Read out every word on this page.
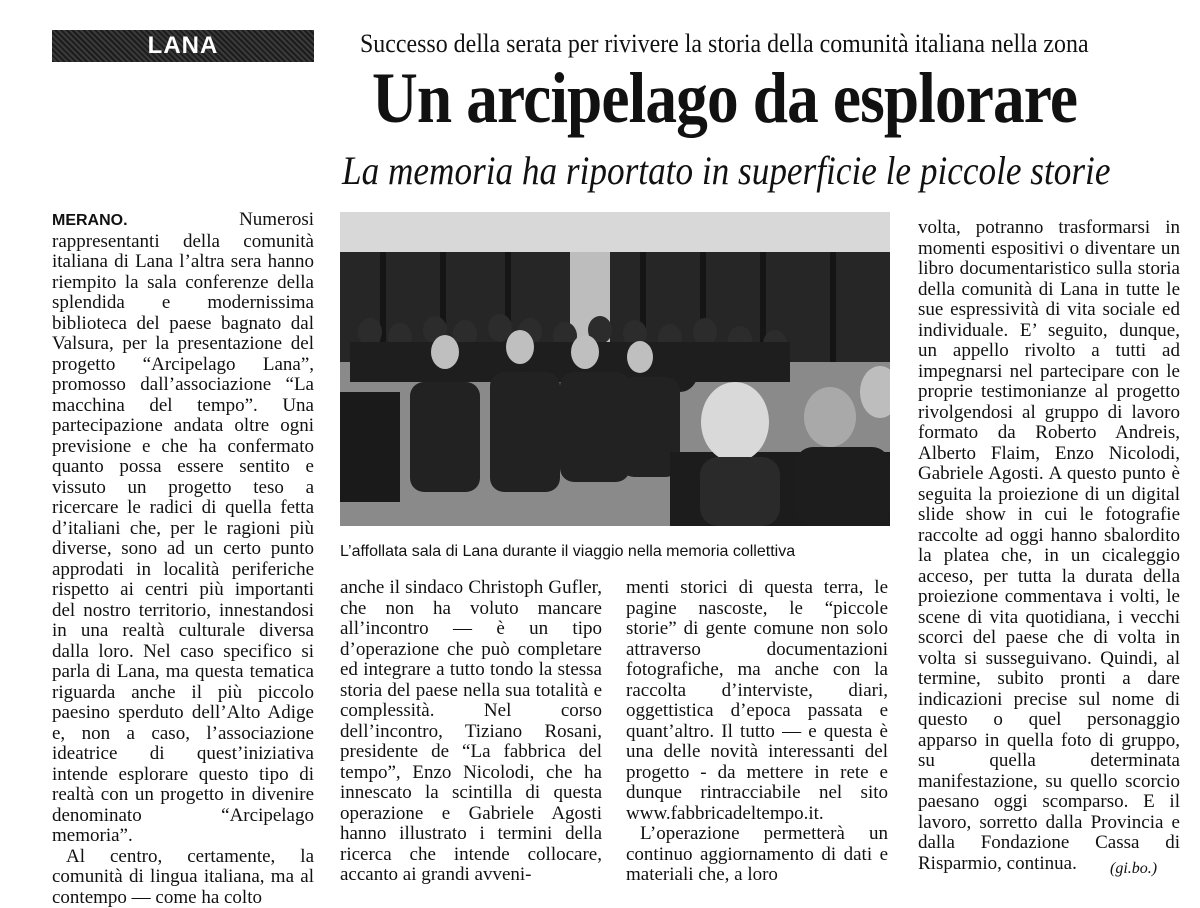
LANA	Successo della serata per rivivere la storia della comunità italiana nella zona
Un arcipelago da esplorare
La memoria ha riportato in superficie le piccole storie

MERANO.	Numerosi rappresentanti della comunità italiana di Lana l’altra sera hanno riempito la sala conferenze della splendida e modernissima biblioteca del paese bagnato dal Valsura, per la presentazione del progetto “Arcipelago Lana”, promosso dall’associazione “La macchina del tempo”. Una partecipazione andata oltre ogni previsione e che ha confermato quanto possa essere sentito e vissuto un progetto teso a ricercare le radici di quella fetta d’italiani che, per le ragioni più diverse, sono ad un certo punto approdati in località periferiche rispetto ai centri più importanti del nostro territorio, innestandosi in una realtà culturale diversa dalla loro. Nel caso specifico si parla di Lana, ma questa tematica riguarda anche il più piccolo paesino sperduto dell’Alto Adige e, non a caso, l’associazione ideatrice di quest’iniziativa intende esplorare questo tipo di realtà con un progetto in divenire denominato “Arcipelago memoria”.

Al centro, certamente, la comunità di lingua italiana, ma al contempo — come ha colto

L’affollata sala di Lana durante il viaggio nella memoria collettiva

anche il sindaco Christoph Gufler, che non ha voluto mancare all’incontro — è un tipo d’operazione che può completare ed integrare a tutto tondo la stessa storia del paese nella sua totalità e complessità. Nel corso dell’incontro, Tiziano Rosani, presidente de “La fabbrica del tempo”, Enzo Nicolodi, che ha innescato la scintilla di questa operazione e Gabriele Agosti hanno illustrato i termini della ricerca che intende collocare, accanto ai grandi avveni-

menti storici di questa terra, le pagine nascoste, le “piccole storie” di gente comune non solo attraverso documentazioni fotografiche, ma anche con la raccolta d’interviste, diari, oggettistica d’epoca passata e quant’altro. Il tutto — e questa è una delle novità interessanti del progetto - da mettere in rete e dunque rintracciabile nel sito www.fabbricadeltempo.it.

L’operazione permetterà un continuo aggiornamento di dati e materiali che, a loro

volta, potranno trasformarsi in momenti espositivi o diventare un libro documentaristico sulla storia della comunità di Lana in tutte le sue espressività di vita sociale ed individuale. E’ seguito, dunque, un appello rivolto a tutti ad impegnarsi nel partecipare con le proprie testimonianze al progetto rivolgendosi al gruppo di lavoro formato da Roberto Andreis, Alberto Flaim, Enzo Nicolodi, Gabriele Agosti. A questo punto è seguita la proiezione di un digital slide show in cui le fotografie raccolte ad oggi hanno sbalordito la platea che, in un cicaleggio acceso, per tutta la durata della proiezione commentava i volti, le scene di vita quotidiana, i vecchi scorci del paese che di volta in volta si susseguivano. Quindi, al termine, subito pronti a dare indicazioni precise sul nome di questo o quel personaggio apparso in quella foto di gruppo, su quella determinata manifestazione, su quello scorcio paesano oggi scomparso. E il lavoro, sorretto dalla Provincia e dalla Fondazione Cassa di Risparmio, continua.	(gi.bo.)
